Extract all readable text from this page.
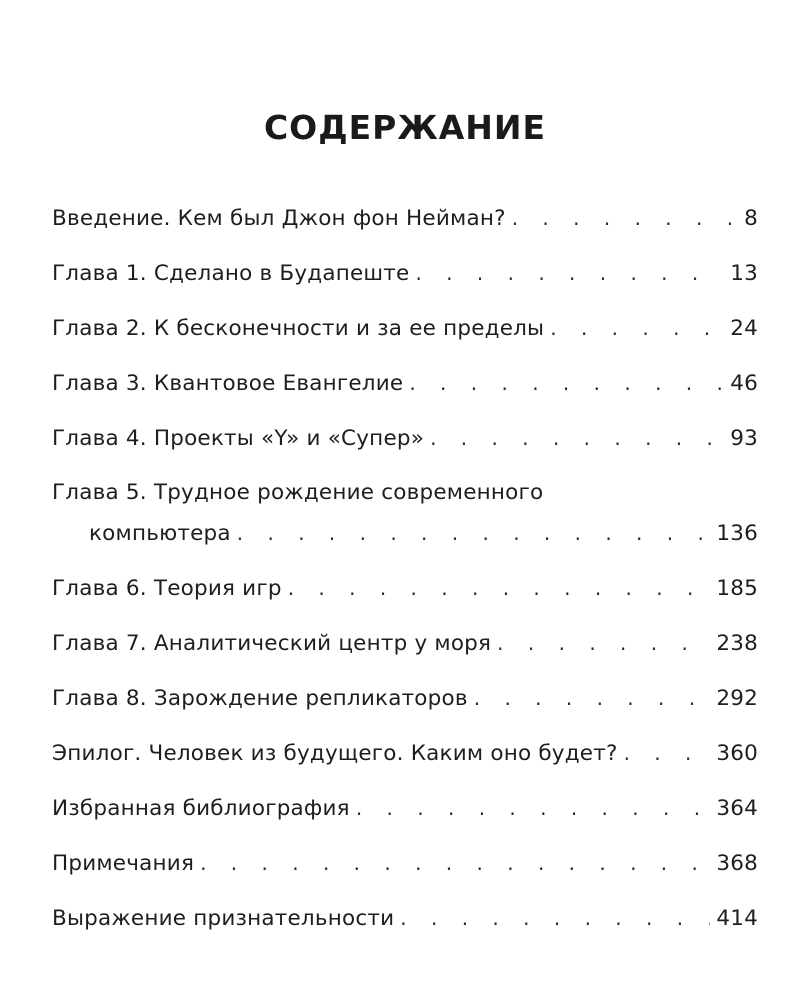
СОДЕРЖАНИЕ
Введение. Кем был Джон фон Нейман? . . .	8
Глава 1. Сделано в Будапеште . . .	13
Глава 2. К бесконечности и за ее пределы . . .	24
Глава 3. Квантовое Евангелие . . .	46
Глава 4. Проекты «Y» и «Супер» . . .	93
Глава 5. Трудное рождение современного
компьютера . . .	136
Глава 6. Теория игр . . .	185
Глава 7. Аналитический центр у моря . . .	238
Глава 8. Зарождение репликаторов . . .	292
Эпилог. Человек из будущего. Каким оно будет? . . .	360
Избранная библиография . . .	364
Примечания . . .	368
Выражение признательности . . .	414
